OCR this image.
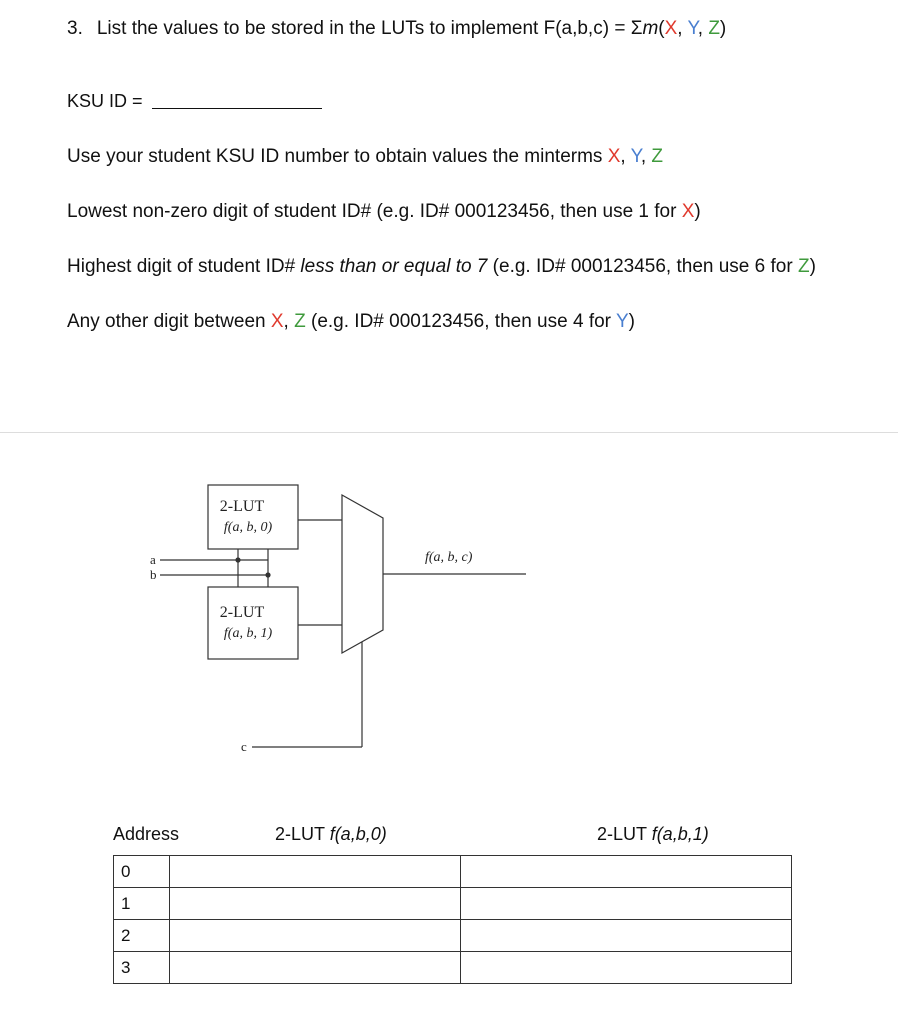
3. List the values to be stored in the LUTs to implement F(a,b,c) = Σm(X, Y, Z)
KSU ID =
Use your student KSU ID number to obtain values the minterms X, Y, Z
Lowest non-zero digit of student ID# (e.g. ID# 000123456, then use 1 for X)
Highest digit of student ID# less than or equal to 7 (e.g. ID# 000123456, then use 6 for Z)
Any other digit between X, Z (e.g. ID# 000123456, then use 4 for Y)
2-LUT
f(a, b, 0)
2-LUT
f(a, b, 1)
a
b
c
f(a, b, c)
Address	2-LUT f(a,b,0)	2-LUT f(a,b,1)
0		
1		
2		
3		
